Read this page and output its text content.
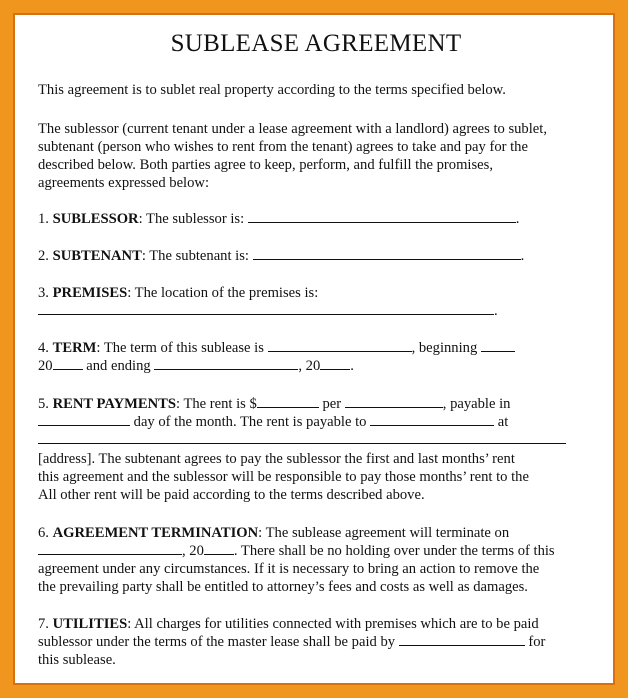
SUBLEASE AGREEMENT
This agreement is to sublet real property according to the terms specified below.
The sublessor (current tenant under a lease agreement with a landlord) agrees to sublet,
subtenant (person who wishes to rent from the tenant) agrees to take and pay for the
described below. Both parties agree to keep, perform, and fulfill the promises,
agreements expressed below:
1. SUBLESSOR: The sublessor is:	.
2. SUBTENANT: The subtenant is:	.
3. PREMISES: The location of the premises is:
.
4. TERM: The term of this sublease is	, beginning
20 and ending	, 20 .
5. RENT PAYMENTS: The rent is $	per	, payable in
day of the month. The rent is payable to	at
[address]. The subtenant agrees to pay the sublessor the first and last months’ rent
this agreement and the sublessor will be responsible to pay those months’ rent to the
All other rent will be paid according to the terms described above.
6. AGREEMENT TERMINATION: The sublease agreement will terminate on
, 20 . There shall be no holding over under the terms of this
agreement under any circumstances. If it is necessary to bring an action to remove the
the prevailing party shall be entitled to attorney’s fees and costs as well as damages.
7. UTILITIES: All charges for utilities connected with premises which are to be paid
sublessor under the terms of the master lease shall be paid by	for
this sublease.
